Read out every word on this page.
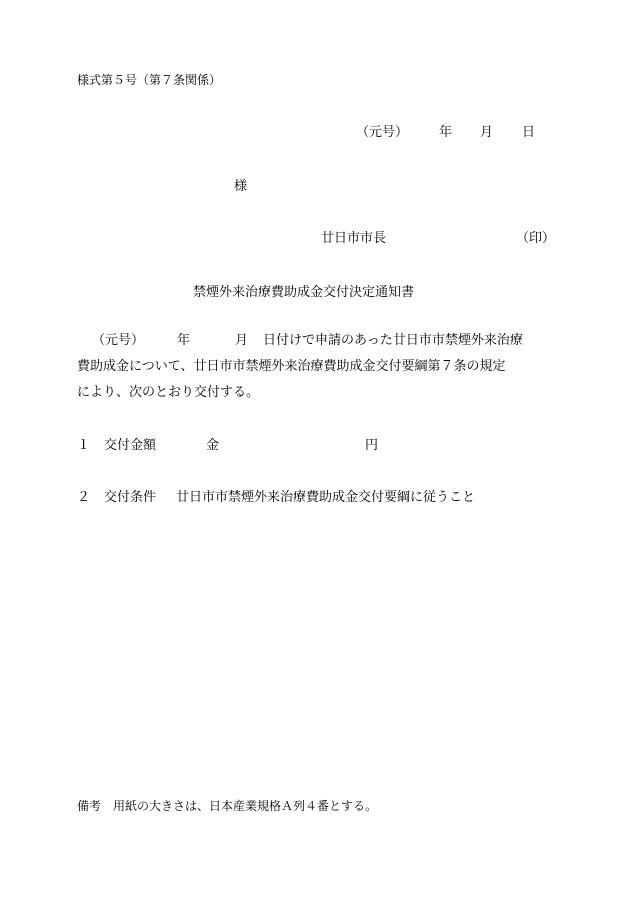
様式第５号（第７条関係）
（元号） 年 月 日
様
廿日市市長	（印）
禁煙外来治療費助成金交付決定通知書
（元号）	年	月 日付けで申請のあった廿日市市禁煙外来治療
費助成金について、廿日市市禁煙外来治療費助成金交付要綱第７条の規定
により、次のとおり交付する。
１ 交付金額	金	円
２ 交付条件 廿日市市禁煙外来治療費助成金交付要綱に従うこと
備考　用紙の大きさは、日本産業規格Ａ列４番とする。
